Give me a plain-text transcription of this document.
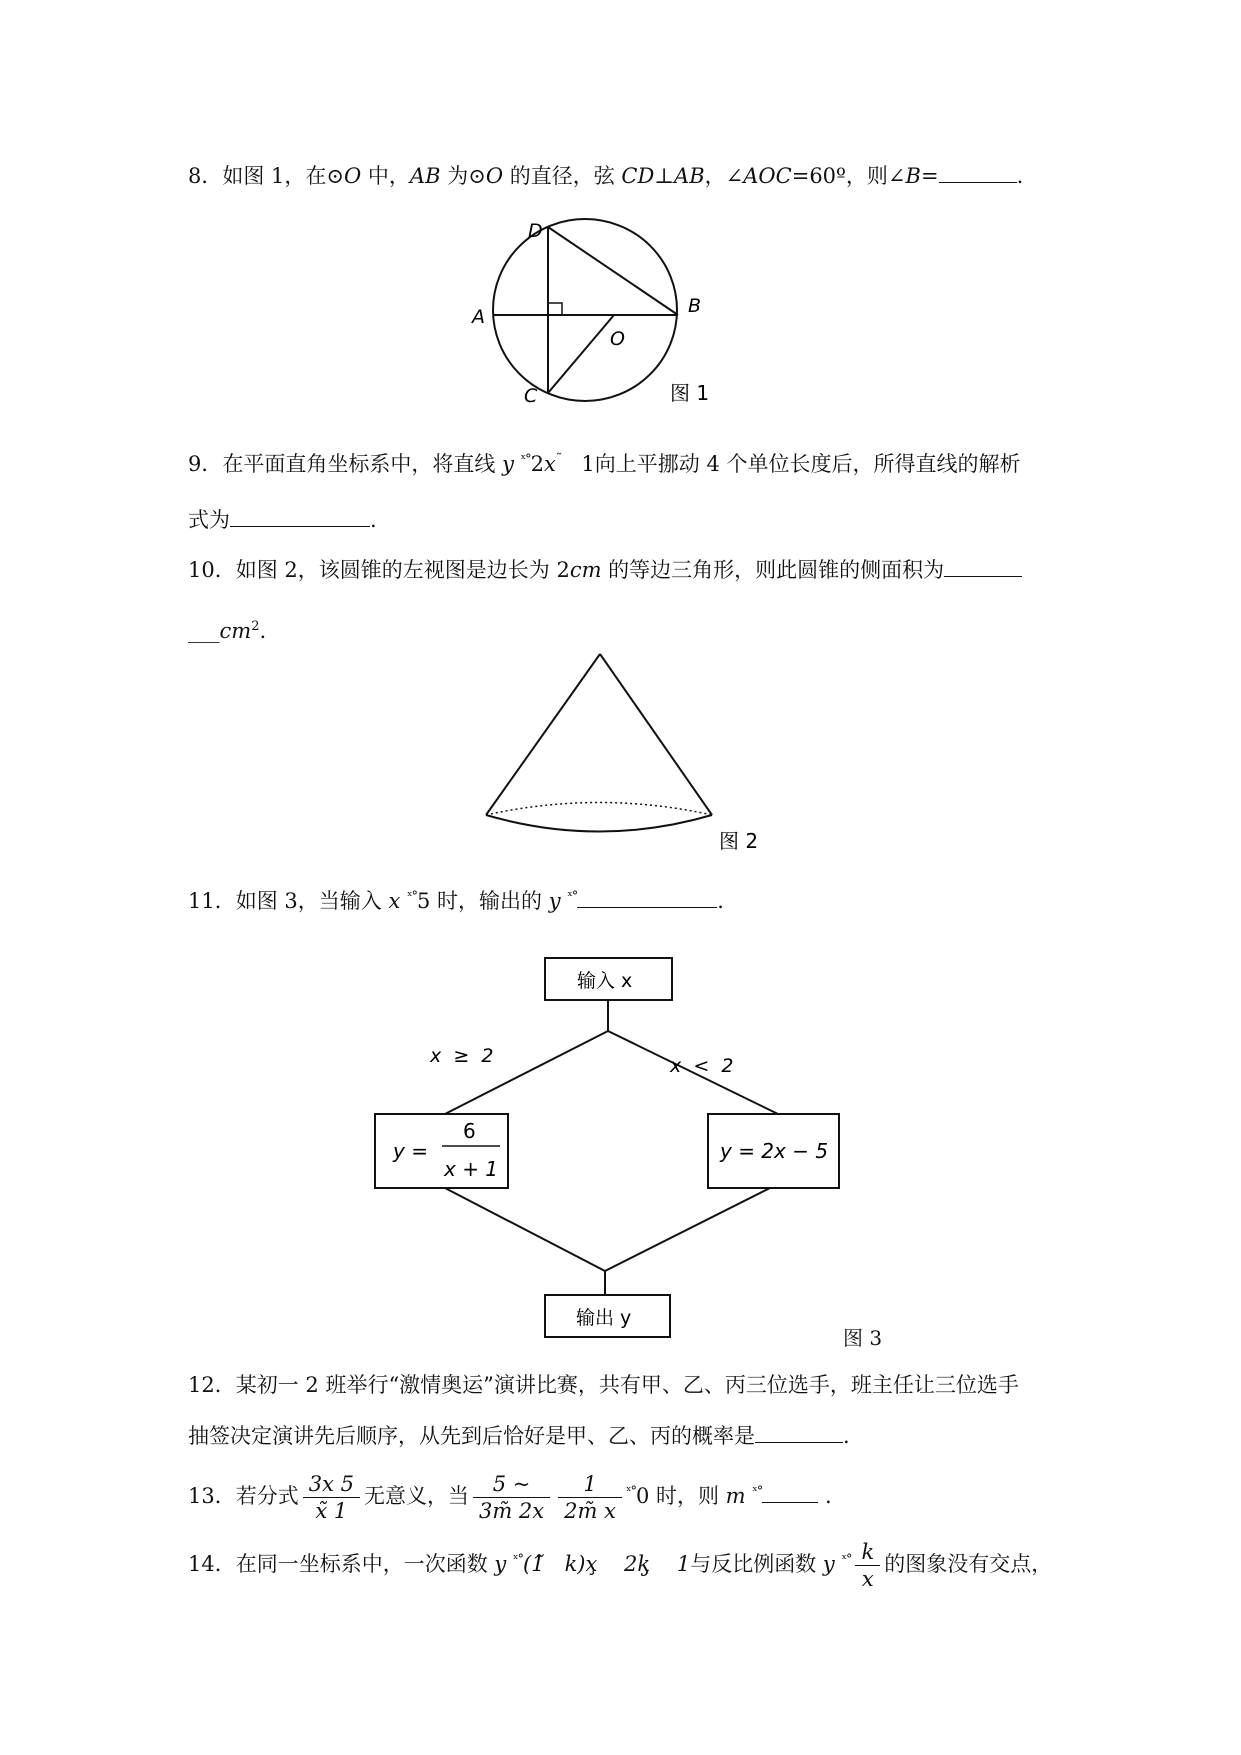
8．如图 1，在⊙O 中，AB 为⊙O 的直径，弦 CD⊥AB，∠AOC=60º，则∠B=	.
D
A
O
B
C	图 1
9．在平面直角坐标系中，将直线 y $^{ˣ^\circ}$2x˜ 1向上平挪动 4 个单位长度后，所得直线的解析
式为	.
10．如图 2，该圆锥的左视图是边长为 2cm 的等边三角形，则此圆锥的侧面积为
$\_\_\_cm^2$.
图 2
11．如图 3，当输入 x $^{ˣ^\circ}$5 时，输出的 y $^{ˣ^\circ}$	.
输入 x
x  ≥  2	x  <  2
y =
6
x + 1
y = 2x − 5
输出 y
图 3
12．某初一 2 班举行“激情奥运”演讲比赛，共有甲、乙、丙三位选手，班主任让三位选手
抽签决定演讲先后顺序，从先到后恰好是甲、乙、丙的概率是	.
13．若分式 $\frac{3x 5}{x̃ 1}$ 无意义，当 $\frac{5 \sim}{3m̃ 2x} \frac{1}{2m̃ x} ^{ˣ^\circ}0$ 时，则 m $^{ˣ^\circ}$	.
14．在同一坐标系中，一次函数 y $^{ˣ^\circ}$(1̃   k)x̧    2k̡    1与反比例函数 y $^{ˣ^\circ} \frac{k}{x}$ 的图象没有交点，
